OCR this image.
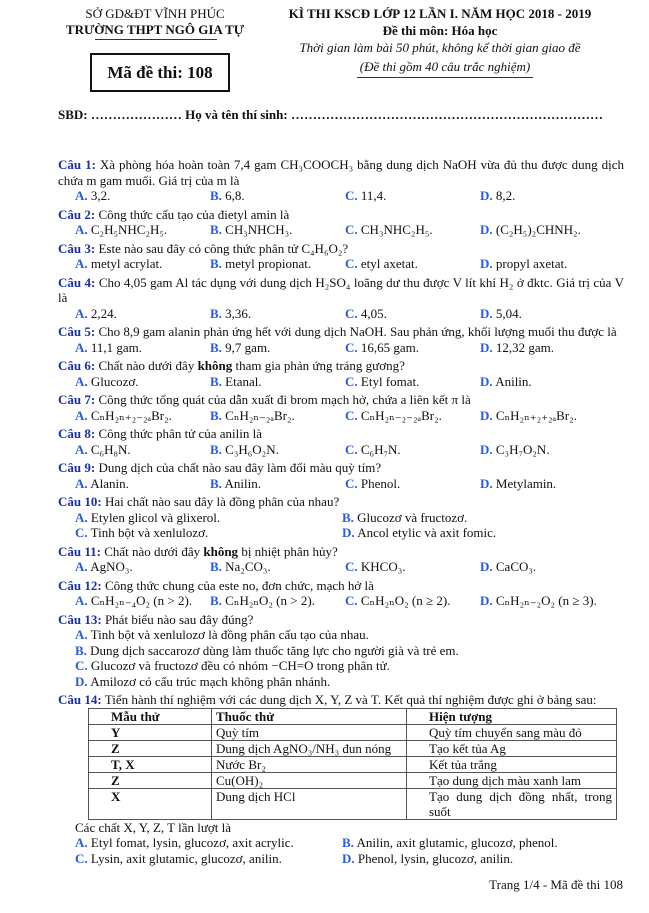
SỞ GD&ĐT VĨNH PHÚC
TRƯỜNG THPT NGÔ GIA TỰ
Mã đề thi: 108
KÌ THI KSCĐ LỚP 12 LẦN I. NĂM HỌC 2018 - 2019
Đề thi môn: Hóa học
Thời gian làm bài 50 phút, không kể thời gian giao đề
(Đề thi gồm 40 câu trắc nghiệm)
SBD: ………………… Họ và tên thí sinh: ………………………………………………………………
Câu 1: Xà phòng hóa hoàn toàn 7,4 gam CH₃COOCH₃ bằng dung dịch NaOH vừa đủ thu được dung dịch chứa m gam muối. Giá trị của m là
A. 3,2.	B. 6,8.	C. 11,4.	D. 8,2.
Câu 2: Công thức cấu tạo của đietyl amin là
A. C₂H₅NHC₂H₅.	B. CH₃NHCH₃.	C. CH₃NHC₂H₅.	D. (C₂H₅)₂CHNH₂.
Câu 3: Este nào sau đây có công thức phân tử C₄H₆O₂?
A. metyl acrylat.	B. metyl propionat.	C. etyl axetat.	D. propyl axetat.
Câu 4: Cho 4,05 gam Al tác dụng với dung dịch H₂SO₄ loãng dư thu được V lít khí H₂ ở đktc. Giá trị của V là
A. 2,24.	B. 3,36.	C. 4,05.	D. 5,04.
Câu 5: Cho 8,9 gam alanin phản ứng hết với dung dịch NaOH. Sau phản ứng, khối lượng muối thu được là
A. 11,1 gam.	B. 9,7 gam.	C. 16,65 gam.	D. 12,32 gam.
Câu 6: Chất nào dưới đây không tham gia phản ứng tráng gương?
A. Glucozơ.	B. Etanal.	C. Etyl fomat.	D. Anilin.
Câu 7: Công thức tổng quát của dẫn xuất đi brom mạch hở, chứa a liên kết π là
A. CₙH₂ₙ₊₂₋₂ₐBr₂.	B. CₙH₂ₙ₋₂ₐBr₂.	C. CₙH₂ₙ₋₂₋₂ₐBr₂.	D. CₙH₂ₙ₊₂₊₂ₐBr₂.
Câu 8: Công thức phân tử của anilin là
A. C₆H₈N.	B. C₃H₆O₂N.	C. C₆H₇N.	D. C₃H₇O₂N.
Câu 9: Dung dịch của chất nào sau đây làm đổi màu quỳ tím?
A. Alanin.	B. Anilin.	C. Phenol.	D. Metylamin.
Câu 10: Hai chất nào sau đây là đồng phân của nhau?
A. Etylen glicol và glixerol.	B. Glucozơ và fructozơ.
C. Tinh bột và xenlulozơ.	D. Ancol etylic và axit fomic.
Câu 11: Chất nào dưới đây không bị nhiệt phân hủy?
A. AgNO₃.	B. Na₂CO₃.	C. KHCO₃.	D. CaCO₃.
Câu 12: Công thức chung của este no, đơn chức, mạch hở là
A. CₙH₂ₙ₋₄O₂ (n > 2).	B. CₙH₂ₙO₂ (n > 2).	C. CₙH₂ₙO₂ (n ≥ 2).	D. CₙH₂ₙ₋₂O₂ (n ≥ 3).
Câu 13: Phát biểu nào sau đây đúng?
A. Tinh bột và xenlulozơ là đồng phân cấu tạo của nhau.
B. Dung dịch saccarozơ dùng làm thuốc tăng lực cho người già và trẻ em.
C. Glucozơ và fructozơ đều có nhóm −CH=O trong phân tử.
D. Amilozơ có cấu trúc mạch không phân nhánh.
Câu 14: Tiến hành thí nghiệm với các dung dịch X, Y, Z và T. Kết quả thí nghiệm được ghi ở bảng sau:
Mẫu thử	Thuốc thử	Hiện tượng
Y	Quỳ tím	Quỳ tím chuyển sang màu đỏ
Z	Dung dịch AgNO₃/NH₃ đun nóng	Tạo kết tủa Ag
T, X	Nước Br₂	Kết tủa trắng
Z	Cu(OH)₂	Tạo dung dịch màu xanh lam
X	Dung dịch HCl	Tạo dung dịch đồng nhất, trong suốt
Các chất X, Y, Z, T lần lượt là
A. Etyl fomat, lysin, glucozơ, axit acrylic.	B. Anilin, axit glutamic, glucozơ, phenol.
C. Lysin, axit glutamic, glucozơ, anilin.	D. Phenol, lysin, glucozơ, anilin.
Trang 1/4 - Mã đề thi 108
